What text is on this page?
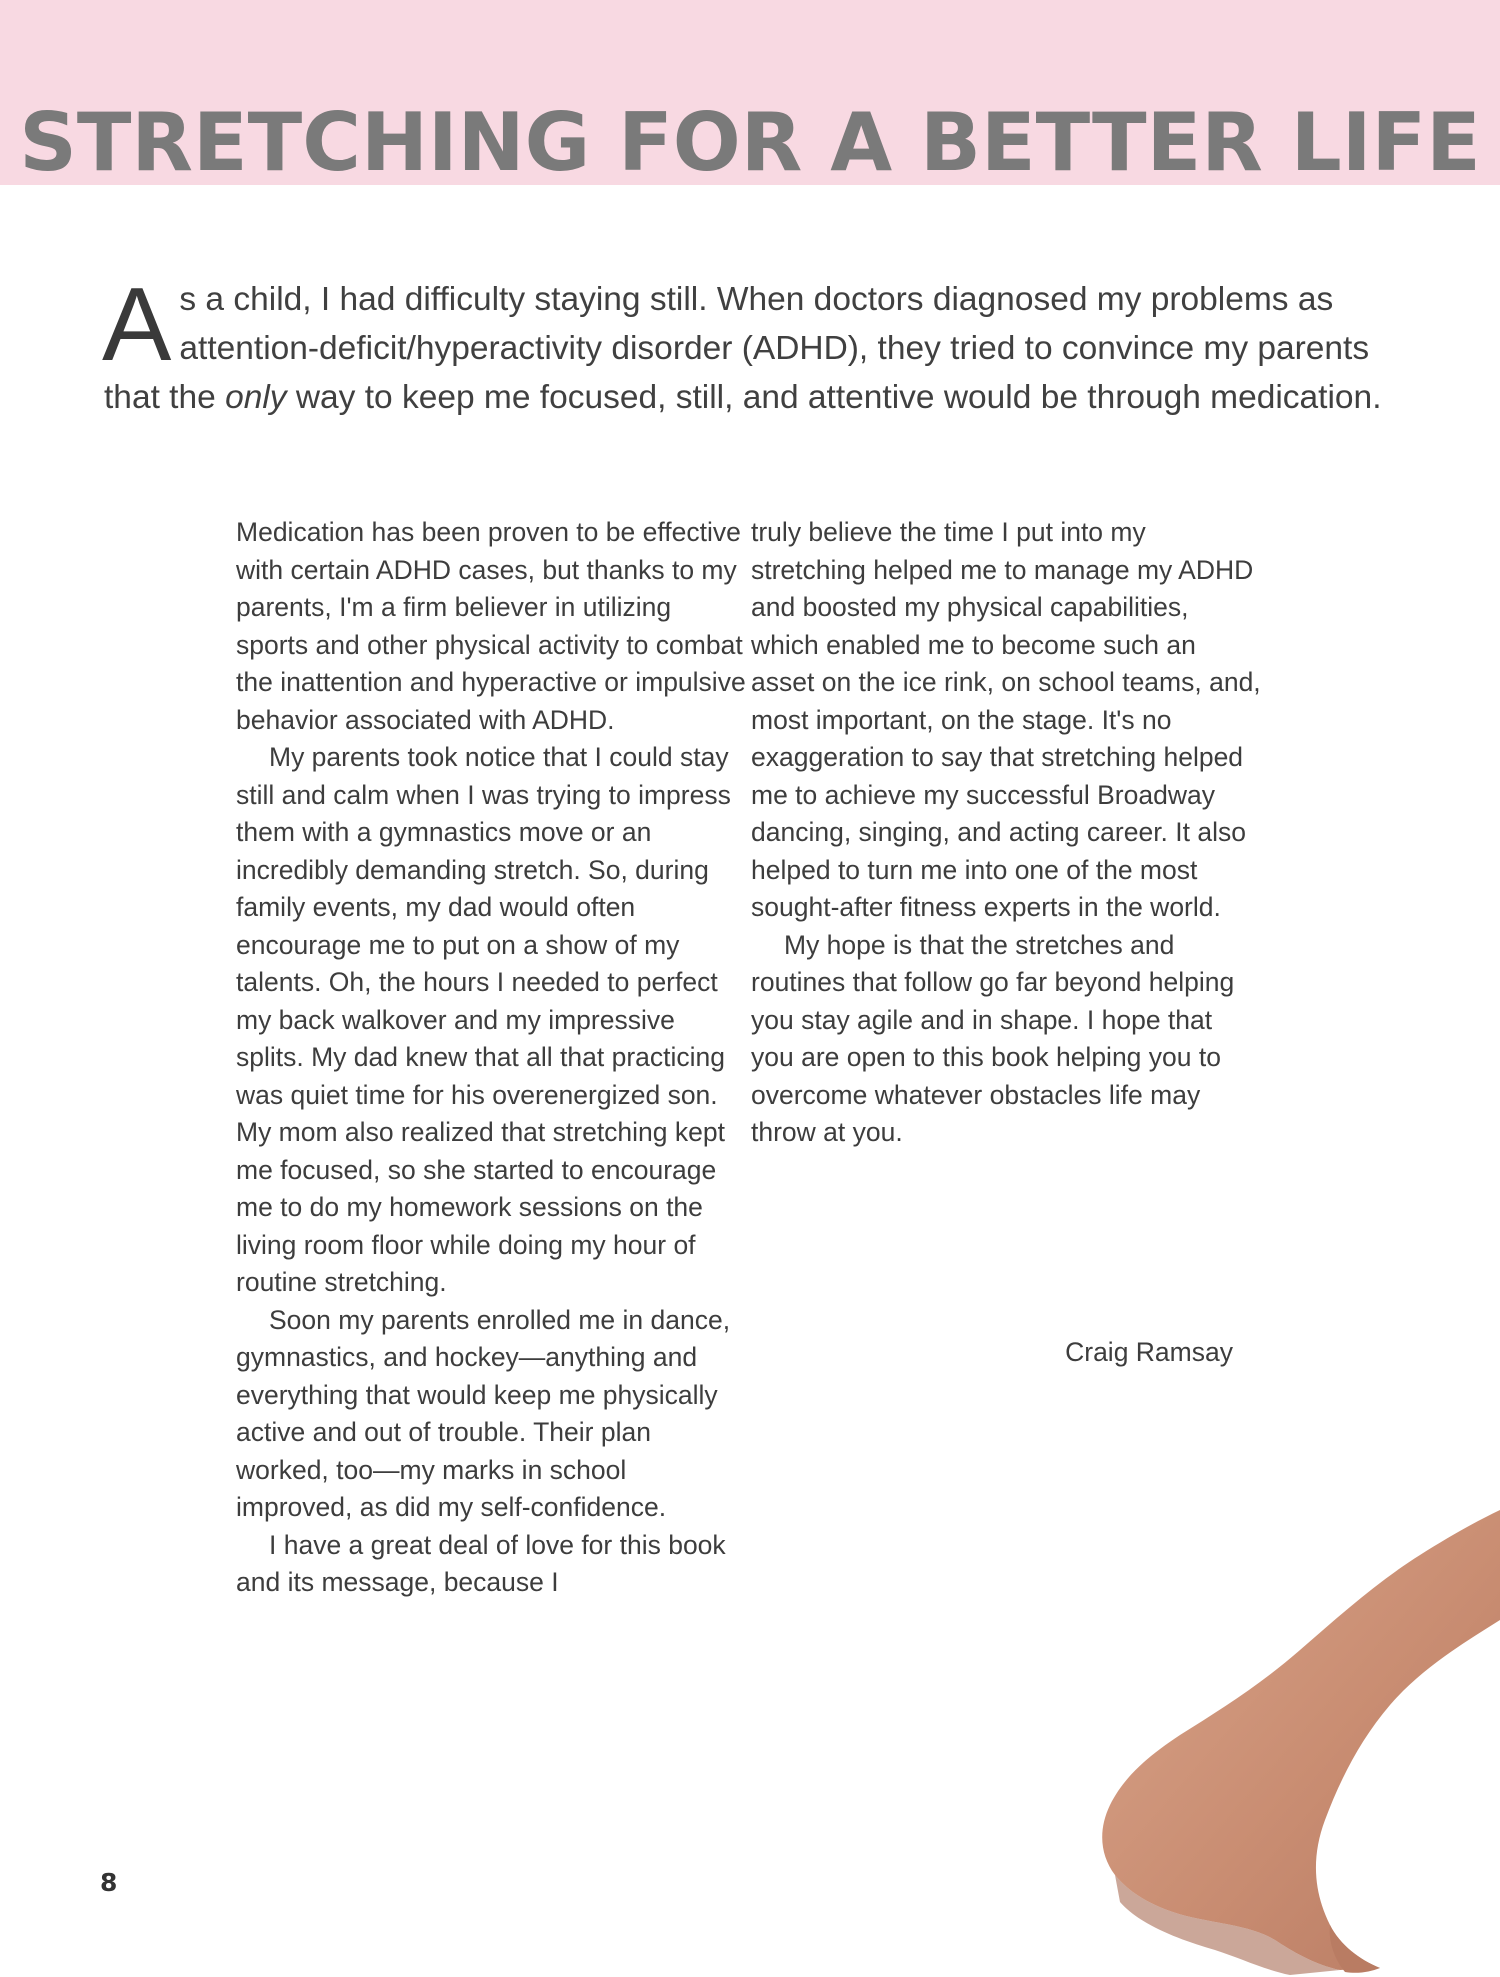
STRETCHING FOR A BETTER LIFE

As a child, I had difficulty staying still. When doctors diagnosed my problems as attention-deficit/hyperactivity disorder (ADHD), they tried to convince my parents that the only way to keep me focused, still, and attentive would be through medication.

Medication has been proven to be effective with certain ADHD cases, but thanks to my parents, I'm a firm believer in utilizing sports and other physical activity to combat the inattention and hyperactive or impulsive behavior associated with ADHD.

My parents took notice that I could stay still and calm when I was trying to impress them with a gymnastics move or an incredibly demanding stretch. So, during family events, my dad would often encourage me to put on a show of my talents. Oh, the hours I needed to perfect my back walkover and my impressive splits. My dad knew that all that practicing was quiet time for his overenergized son. My mom also realized that stretching kept me focused, so she started to encourage me to do my homework sessions on the living room floor while doing my hour of routine stretching.

Soon my parents enrolled me in dance, gymnastics, and hockey—anything and everything that would keep me physically active and out of trouble. Their plan worked, too—my marks in school improved, as did my self-confidence.

I have a great deal of love for this book and its message, because I

truly believe the time I put into my stretching helped me to manage my ADHD and boosted my physical capabilities, which enabled me to become such an asset on the ice rink, on school teams, and, most important, on the stage. It's no exaggeration to say that stretching helped me to achieve my successful Broadway dancing, singing, and acting career. It also helped to turn me into one of the most sought-after fitness experts in the world.

My hope is that the stretches and routines that follow go far beyond helping you stay agile and in shape. I hope that you are open to this book helping you to overcome whatever obstacles life may throw at you.

Craig Ramsay

8
